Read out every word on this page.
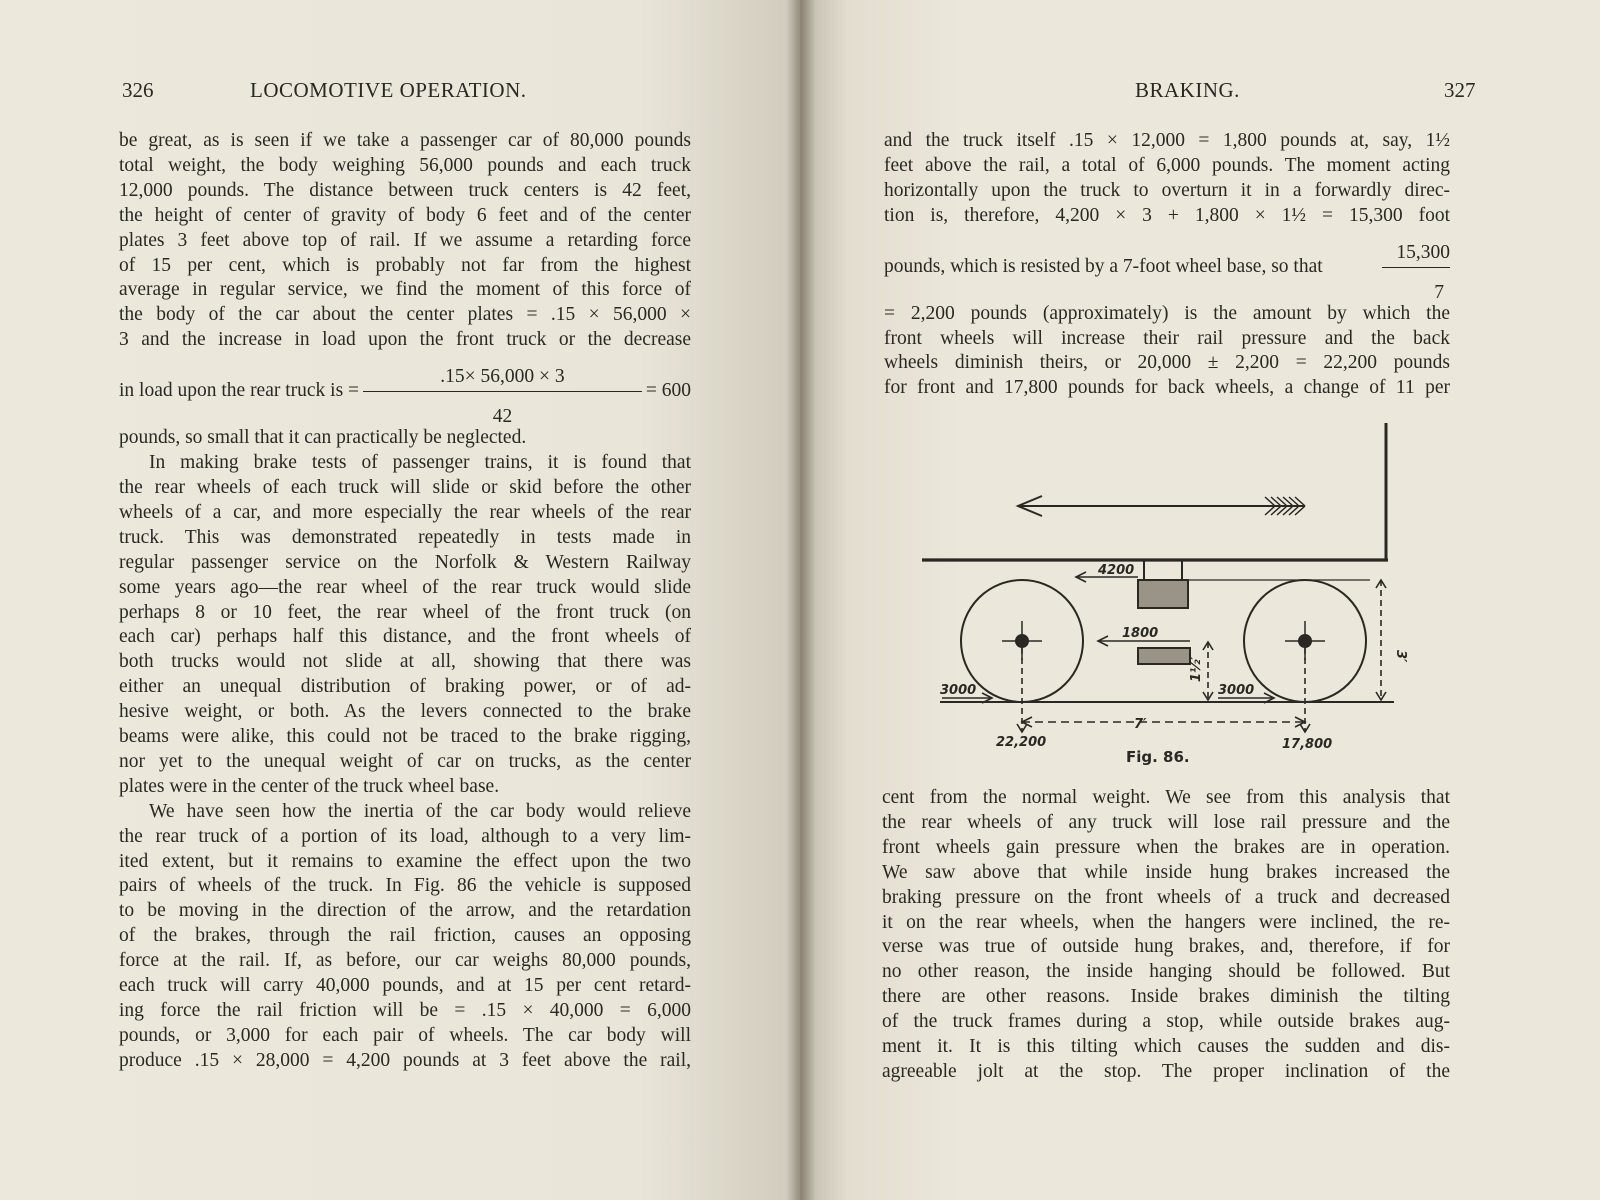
326	LOCOMOTIVE OPERATION.

be great, as is seen if we take a passenger car of 80,000 pounds

total weight, the body weighing 56,000 pounds and each truck

12,000 pounds. The distance between truck centers is 42 feet,

the height of center of gravity of body 6 feet and of the center

plates 3 feet above top of rail. If we assume a retarding force

of 15 per cent, which is probably not far from the highest

average in regular service, we find the moment of this force of

the body of the car about the center plates = .15 × 56,000 ×

3 and the increase in load upon the front truck or the decrease

in load upon the rear truck is = $\frac{.15\times 56,000 \times 3}{42} = 600$

pounds, so small that it can practically be neglected.

In making brake tests of passenger trains, it is found that

the rear wheels of each truck will slide or skid before the other

wheels of a car, and more especially the rear wheels of the rear

truck. This was demonstrated repeatedly in tests made in

regular passenger service on the Norfolk & Western Railway

some years ago—the rear wheel of the rear truck would slide

perhaps 8 or 10 feet, the rear wheel of the front truck (on

each car) perhaps half this distance, and the front wheels of

both trucks would not slide at all, showing that there was

either an unequal distribution of braking power, or of ad-

hesive weight, or both. As the levers connected to the brake

beams were alike, this could not be traced to the brake rigging,

nor yet to the unequal weight of car on trucks, as the center

plates were in the center of the truck wheel base.

We have seen how the inertia of the car body would relieve

the rear truck of a portion of its load, although to a very lim-

ited extent, but it remains to examine the effect upon the two

pairs of wheels of the truck. In Fig. 86 the vehicle is supposed

to be moving in the direction of the arrow, and the retardation

of the brakes, through the rail friction, causes an opposing

force at the rail. If, as before, our car weighs 80,000 pounds,

each truck will carry 40,000 pounds, and at 15 per cent retard-

ing force the rail friction will be = .15 × 40,000 = 6,000

pounds, or 3,000 for each pair of wheels. The car body will

produce .15 × 28,000 = 4,200 pounds at 3 feet above the rail,

BRAKING.	327

and the truck itself .15 × 12,000 = 1,800 pounds at, say, 1½

feet above the rail, a total of 6,000 pounds. The moment acting

horizontally upon the truck to overturn it in a forwardly direc-

tion is, therefore, 4,200 × 3 + 1,800 × 1½ = 15,300 foot

pounds, which is resisted by a 7-foot wheel base, so that	$\frac{15,300}{7}$

= 2,200 pounds (approximately) is the amount by which the

front wheels will increase their rail pressure and the back

wheels diminish theirs, or 20,000 ± 2,200 = 22,200 pounds

for front and 17,800 pounds for back wheels, a change of 11 per

4200
1800
3000	3000
7′
1½′	3′
22,200	17,800
Fig. 86.

cent from the normal weight. We see from this analysis that

the rear wheels of any truck will lose rail pressure and the

front wheels gain pressure when the brakes are in operation.

We saw above that while inside hung brakes increased the

braking pressure on the front wheels of a truck and decreased

it on the rear wheels, when the hangers were inclined, the re-

verse was true of outside hung brakes, and, therefore, if for

no other reason, the inside hanging should be followed. But

there are other reasons. Inside brakes diminish the tilting

of the truck frames during a stop, while outside brakes aug-

ment it. It is this tilting which causes the sudden and dis-

agreeable jolt at the stop. The proper inclination of the
